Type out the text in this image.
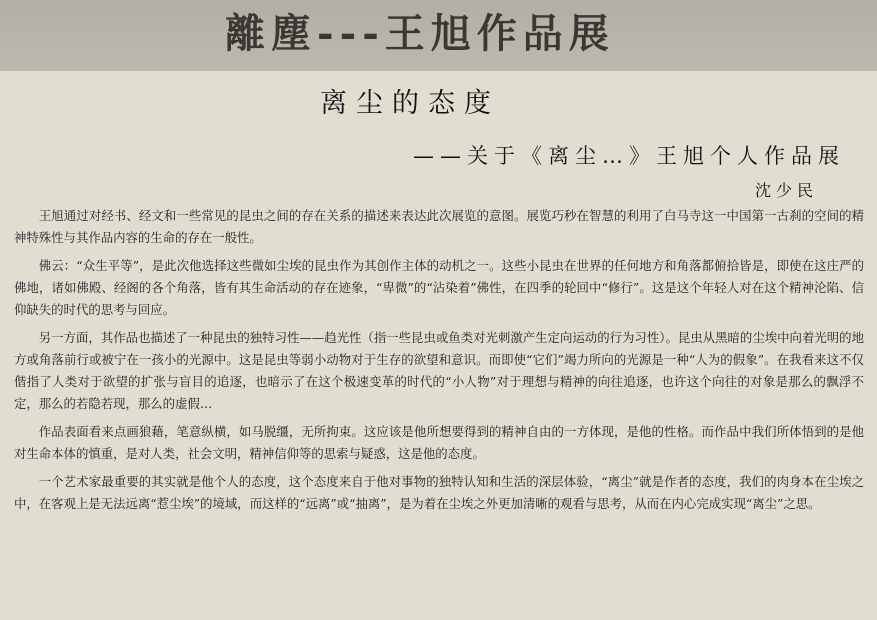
離塵---王旭作品展
离尘的态度
——关于《离尘…》王旭个人作品展
沈少民

王旭通过对经书、经文和一些常见的昆虫之间的存在关系的描述来表达此次展览的意图。展览巧秒在智慧的利用了白马寺这一中国第一古刹的空间的精神特殊性与其作品内容的生命的存在一般性。

佛云：“众生平等”，是此次他选择这些微如尘埃的昆虫作为其创作主体的动机之一。这些小昆虫在世界的任何地方和角落都俯拾皆是，即使在这庄严的佛地，诸如佛殿、经阁的各个角落，皆有其生命活动的存在迹象，“卑微”的“沾染着”佛性，在四季的轮回中“修行”。这是这个年轻人对在这个精神沦陷、信仰缺失的时代的思考与回应。

另一方面，其作品也描述了一种昆虫的独特习性——趋光性（指一些昆虫或鱼类对光刺激产生定向运动的行为习性）。昆虫从黑暗的尘埃中向着光明的地方或角落前行或被宁在一孩小的光源中。这是昆虫等弱小动物对于生存的欲望和意识。而即使“它们”竭力所向的光源是一种“人为的假象”。在我看来这不仅偕指了人类对于欲望的扩张与盲目的追逐，也暗示了在这个极速变革的时代的“小人物”对于理想与精神的向往追逐，也许这个向往的对象是那么的飘浮不定，那么的若隐若现，那么的虚假…

作品表面看来点画狼藉，笔意纵横，如马脱缰，无所拘束。这应该是他所想要得到的精神自由的一方体现，是他的性格。而作品中我们所体悟到的是他对生命本体的慎重，是对人类，社会文明，精神信仰等的思索与疑惑，这是他的态度。

一个艺术家最重要的其实就是他个人的态度，这个态度来自于他对事物的独特认知和生活的深层体验，“离尘”就是作者的态度，我们的肉身本在尘埃之中，在客观上是无法远离“惹尘埃”的境域，而这样的“远离”或“抽离”，是为着在尘埃之外更加清晰的观看与思考，从而在内心完成实现“离尘”之思。
